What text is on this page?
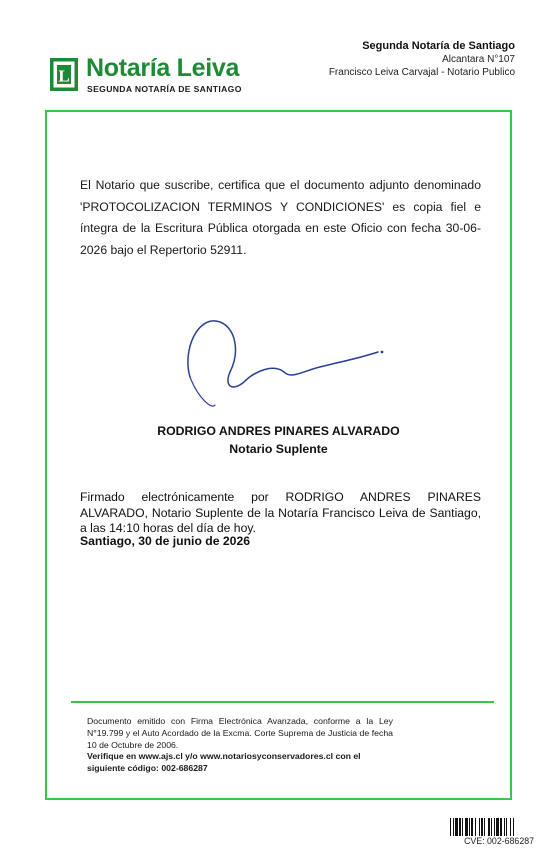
L Notaría Leiva
SEGUNDA NOTARÍA DE SANTIAGO
Segunda Notaría de Santiago
Alcantara N°107
Francisco Leiva Carvajal - Notario Publico
El Notario que suscribe, certifica que el documento adjunto denominado 'PROTOCOLIZACION TERMINOS Y CONDICIONES' es copia fiel e íntegra de la Escritura Pública otorgada en este Oficio con fecha 30-06-2026 bajo el Repertorio 52911.
RODRIGO ANDRES PINARES ALVARADO
Notario Suplente
Firmado electrónicamente por RODRIGO ANDRES PINARES ALVARADO, Notario Suplente de la Notaría Francisco Leiva de Santiago, a las 14:10 horas del día de hoy.
Santiago, 30 de junio de 2026
Documento emitido con Firma Electrónica Avanzada, conforme a la Ley N°19.799 y el Auto Acordado de la Excma. Corte Suprema de Justicia de fecha 10 de Octubre de 2006.
Verifique en www.ajs.cl y/o www.notariosyconservadores.cl con el siguiente código: 002-686287
CVE: 002-686287
